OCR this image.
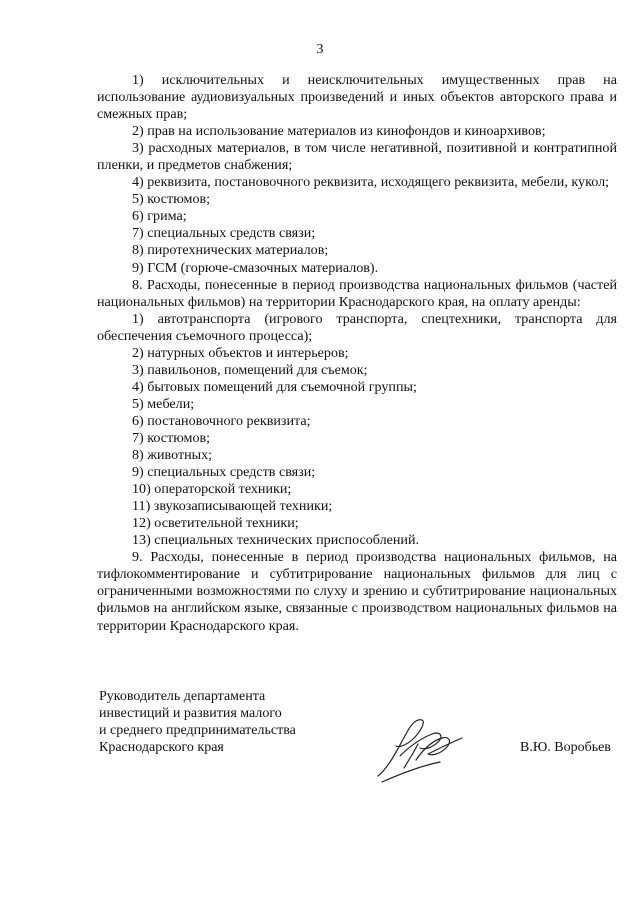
3

1) исключительных и неисключительных имущественных прав на использование аудиовизуальных произведений и иных объектов авторского права и смежных прав;

2) прав на использование материалов из кинофондов и киноархивов;

3) расходных материалов, в том числе негативной, позитивной и контратипной пленки, и предметов снабжения;

4) реквизита, постановочного реквизита, исходящего реквизита, мебели, кукол;

5) костюмов;

6) грима;

7) специальных средств связи;

8) пиротехнических материалов;

9) ГСМ (горюче-смазочных материалов).

8. Расходы, понесенные в период производства национальных фильмов (частей национальных фильмов) на территории Краснодарского края, на оплату аренды:

1) автотранспорта (игрового транспорта, спецтехники, транспорта для обеспечения съемочного процесса);

2) натурных объектов и интерьеров;

3) павильонов, помещений для съемок;

4) бытовых помещений для съемочной группы;

5) мебели;

6) постановочного реквизита;

7) костюмов;

8) животных;

9) специальных средств связи;

10) операторской техники;

11) звукозаписывающей техники;

12) осветительной техники;

13) специальных технических приспособлений.

9. Расходы, понесенные в период производства национальных фильмов, на тифлокомментирование и субтитрирование национальных фильмов для лиц с ограниченными возможностями по слуху и зрению и субтитрирование национальных фильмов на английском языке, связанные с производством национальных фильмов на территории Краснодарского края.

Руководитель департамента
инвестиций и развития малого
и среднего предпринимательства
Краснодарского края	В.Ю. Воробьев
